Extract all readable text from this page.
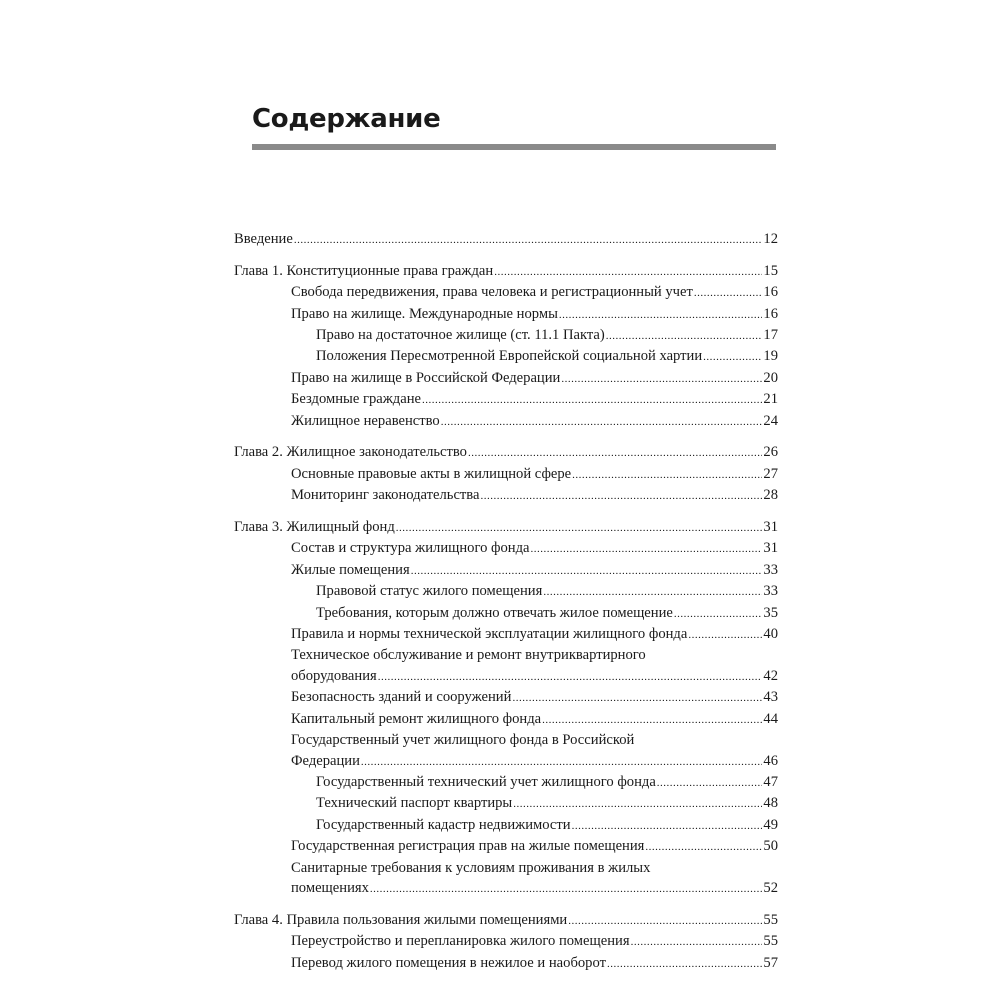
Содержание
Введение .....	12
Глава 1. Конституционные права граждан .....	15
Свобода передвижения, права человека и регистрационный учет .....	16
Право на жилище. Международные нормы .....	16
Право на достаточное жилище (ст. 11.1 Пакта) .....	17
Положения Пересмотренной Европейской социальной хартии .....	19
Право на жилище в Российской Федерации .....	20
Бездомные граждане .....	21
Жилищное неравенство .....	24
Глава 2. Жилищное законодательство .....	26
Основные правовые акты в жилищной сфере .....	27
Мониторинг законодательства .....	28
Глава 3. Жилищный фонд .....	31
Состав и структура жилищного фонда .....	31
Жилые помещения .....	33
Правовой статус жилого помещения .....	33
Требования, которым должно отвечать жилое помещение .....	35
Правила и нормы технической эксплуатации жилищного фонда .....	40
Техническое обслуживание и ремонт внутриквартирного
оборудования .....	42
Безопасность зданий и сооружений .....	43
Капитальный ремонт жилищного фонда .....	44
Государственный учет жилищного фонда в Российской
Федерации .....	46
Государственный технический учет жилищного фонда .....	47
Технический паспорт квартиры .....	48
Государственный кадастр недвижимости .....	49
Государственная регистрация прав на жилые помещения .....	50
Санитарные требования к условиям проживания в жилых
помещениях .....	52
Глава 4. Правила пользования жилыми помещениями .....	55
Переустройство и перепланировка жилого помещения .....	55
Перевод жилого помещения в нежилое и наоборот .....	57
